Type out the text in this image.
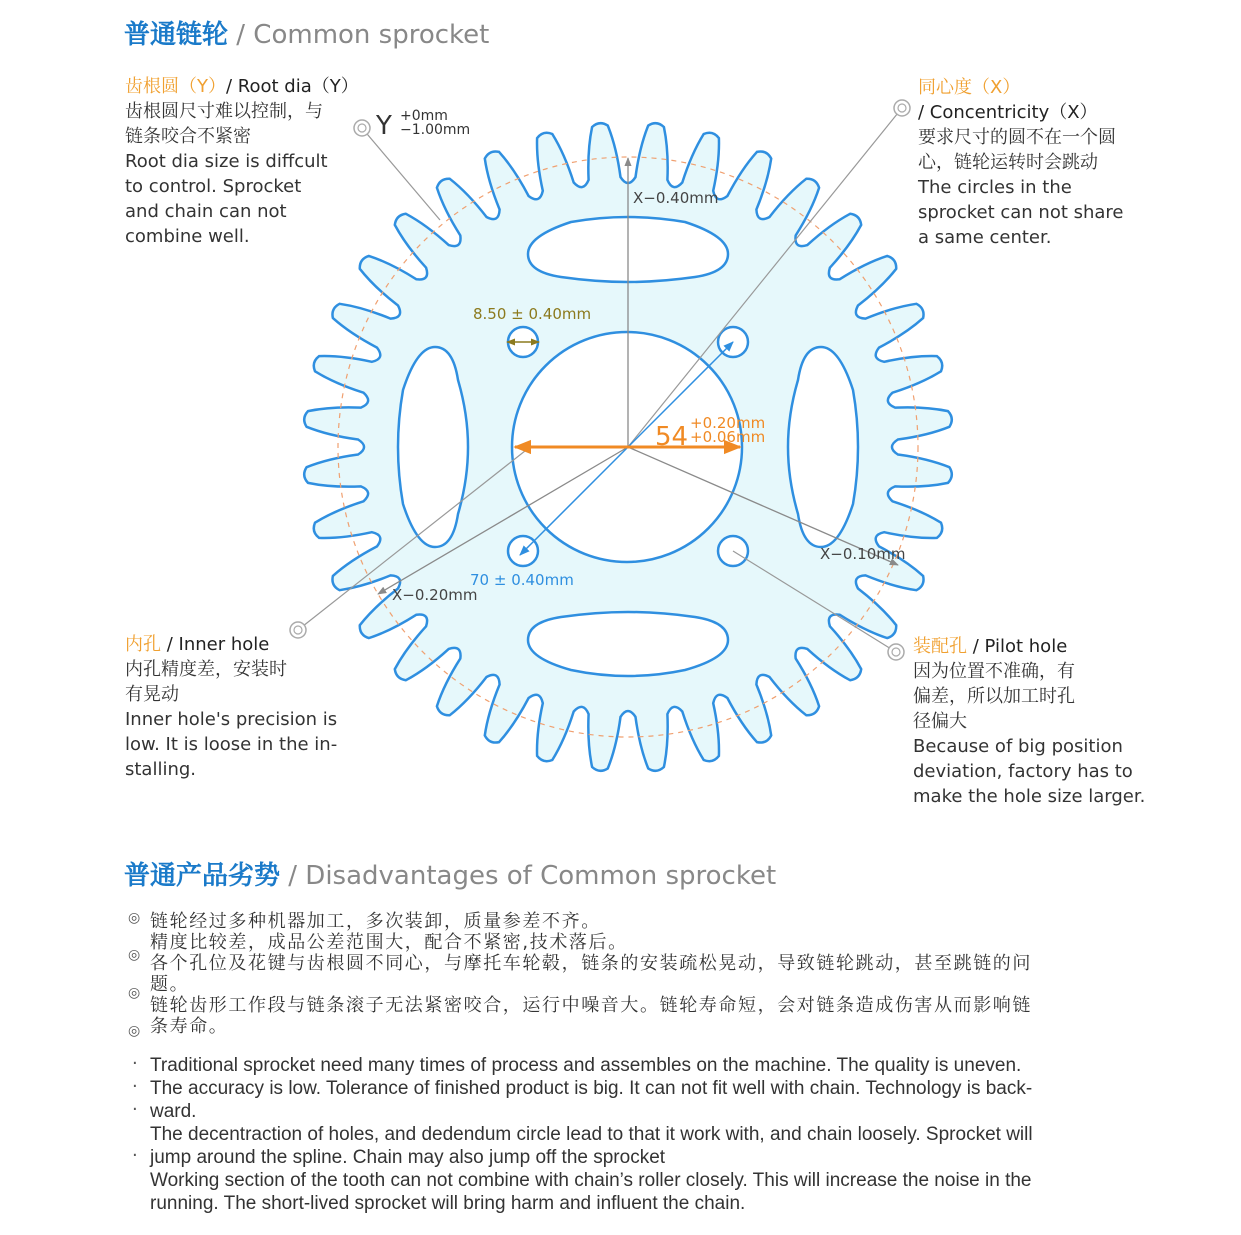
普通链轮 / Common sprocket
X−0.40mm
X−0.10mm
X−0.20mm
8.50 ± 0.40mm
70 ± 0.40mm
54 +0.20mm
+0.06mm
Y +0mm
−1.00mm
齿根圆（Y）/ Root dia（Y）
齿根圆尺寸难以控制，与
链条咬合不紧密
Root dia size is diffcult
to control. Sprocket
and chain can not
combine well.
同心度（X）
/ Concentricity（X）
要求尺寸的圆不在一个圆
心，链轮运转时会跳动
The circles in the
sprocket can not share
a same center.
内孔 / Inner hole
内孔精度差，安装时
有晃动
Inner hole's precision is
low. It is loose in the in-
stalling.
装配孔 / Pilot hole
因为位置不准确，有
偏差，所以加工时孔
径偏大
Because of big position
deviation, factory has to
make the hole size larger.
普通产品劣势 / Disadvantages of Common sprocket
◎
◎
◎
◎
链轮经过多种机器加工，多次装卸，质量参差不齐。
精度比较差，成品公差范围大，配合不紧密,技术落后。
各个孔位及花键与齿根圆不同心，与摩托车轮毂，链条的安装疏松晃动，导致链轮跳动，甚至跳链的问
题。
链轮齿形工作段与链条滚子无法紧密咬合，运行中噪音大。链轮寿命短，会对链条造成伤害从而影响链
条寿命。
·
·
·
·
Traditional sprocket need many times of process and assembles on the machine. The quality is uneven.
The accuracy is low. Tolerance of finished product is big. It can not fit well with chain. Technology is back-
ward.
The decentraction of holes, and dedendum circle lead to that it work with, and chain loosely. Sprocket will
jump around the spline. Chain may also jump off the sprocket
Working section of the tooth can not combine with chain’s roller closely. This will increase the noise in the
running. The short-lived sprocket will bring harm and influent the chain.
